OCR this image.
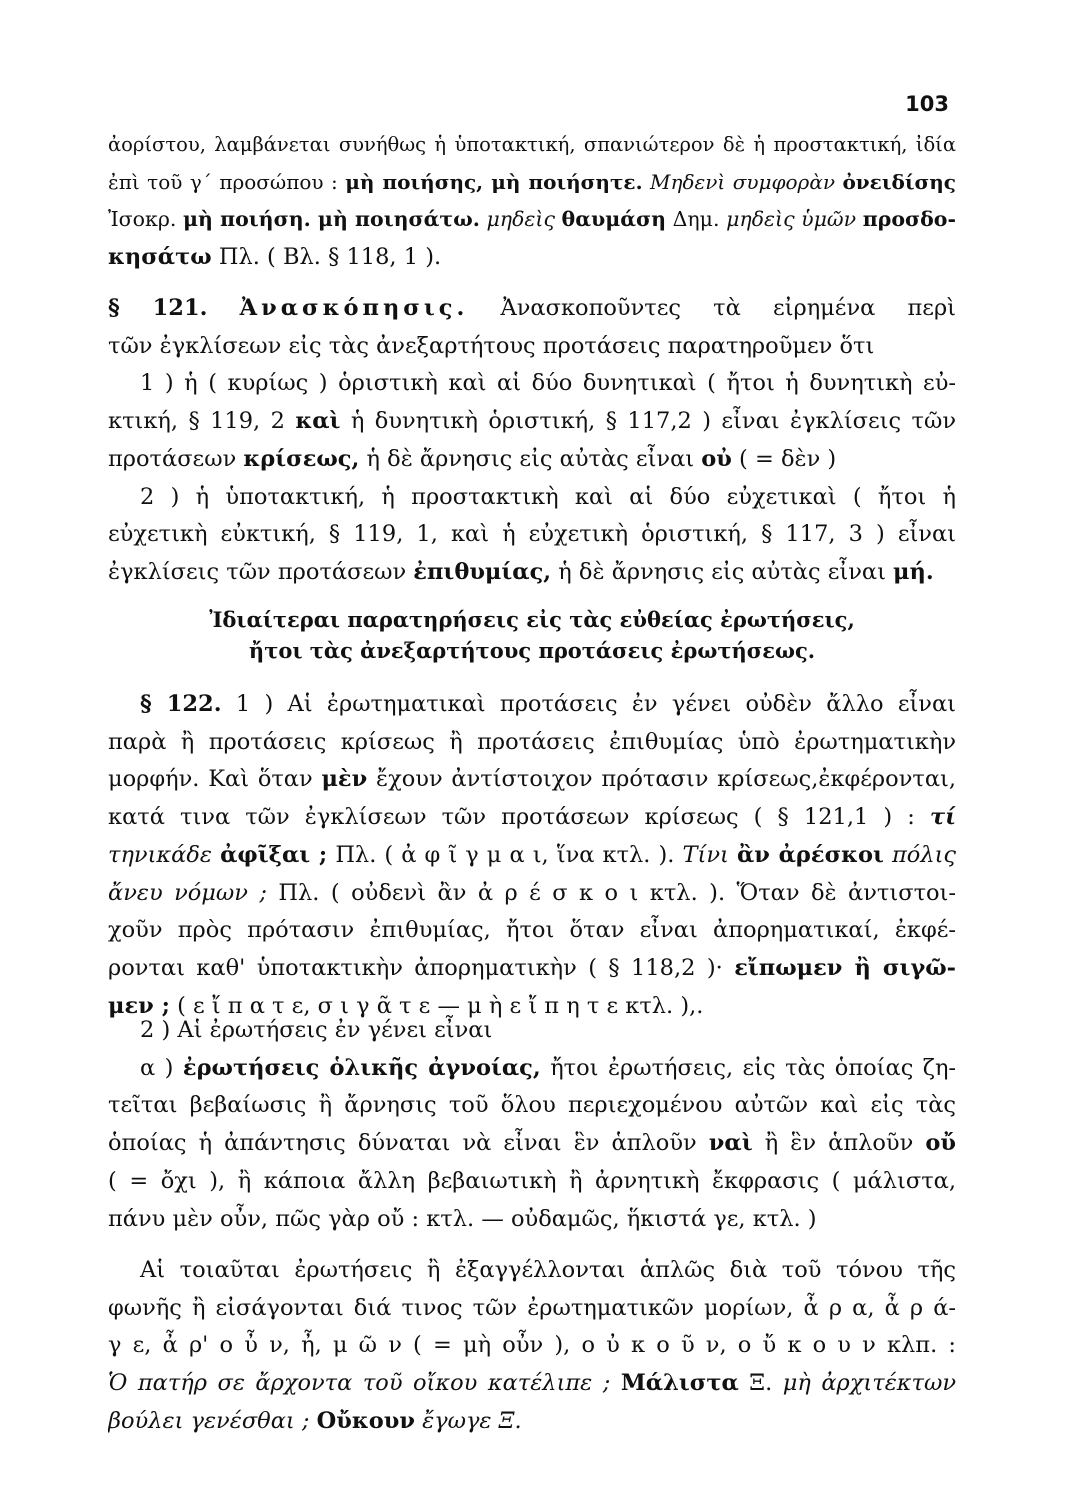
103
ἀορίστου, λαμβάνεται συνήθως ἡ ὑποτακτική, σπανιώτερον δὲ ἡ προστακτική, ἰδία
ἐπὶ τοῦ γ΄ προσώπου : μὴ ποιήσης, μὴ ποιήσητε. Μηδενὶ συμφορὰν ὀνειδίσης
Ἰσοκρ. μὴ ποιήση. μὴ ποιησάτω. μηδεὶς θαυμάση Δημ. μηδεὶς ὑμῶν προσδο-
κησάτω Πλ. ( Βλ. § 118, 1 ).
§ 121. Ἀνασκόπησις. Ἀνασκοποῦντες τὰ εἰρημένα περὶ
τῶν ἐγκλίσεων εἰς τὰς ἀνεξαρτήτους προτάσεις παρατηροῦμεν ὅτι
1 ) ἡ ( κυρίως ) ὁριστικὴ καὶ αἱ δύο δυνητικαὶ ( ἤτοι ἡ δυνητικὴ εὐ-
κτική, § 119, 2 καὶ ἡ δυνητικὴ ὁριστική, § 117,2 ) εἶναι ἐγκλίσεις τῶν
προτάσεων κρίσεως, ἡ δὲ ἄρνησις εἰς αὐτὰς εἶναι οὐ ( = δὲν )
2 ) ἡ ὑποτακτική, ἡ προστακτικὴ καὶ αἱ δύο εὐχετικαὶ ( ἤτοι ἡ
εὐχετικὴ εὐκτική, § 119, 1, καὶ ἡ εὐχετικὴ ὁριστική, § 117, 3 ) εἶναι
ἐγκλίσεις τῶν προτάσεων ἐπιθυμίας, ἡ δὲ ἄρνησις εἰς αὐτὰς εἶναι μή.
Ἰδιαίτεραι παρατηρήσεις εἰς τὰς εὐθείας ἐρωτήσεις,
ἤτοι τὰς ἀνεξαρτήτους προτάσεις ἐρωτήσεως.
§ 122. 1 ) Αἱ ἐρωτηματικαὶ προτάσεις ἐν γένει οὐδὲν ἄλλο εἶναι
παρὰ ἢ προτάσεις κρίσεως ἢ προτάσεις ἐπιθυμίας ὑπὸ ἐρωτηματικὴν
μορφήν. Καὶ ὅταν μὲν ἔχουν ἀντίστοιχον πρότασιν κρίσεως,ἐκφέρονται,
κατά τινα τῶν ἐγκλίσεων τῶν προτάσεων κρίσεως ( § 121,1 ) : τί
τηνικάδε ἀφῖξαι ; Πλ. ( ἀ φ ῖ γ μ α ι, ἵνα κτλ. ). Τίνι ἂν ἀρέσκοι πόλις
ἄνευ νόμων ; Πλ. ( οὐδενὶ ἂν ἀ ρ έ σ κ ο ι κτλ. ). Ὅταν δὲ ἀντιστοι-
χοῦν πρὸς πρότασιν ἐπιθυμίας, ἤτοι ὅταν εἶναι ἀπορηματικαί, ἐκφέ-
ρονται καθ' ὑποτακτικὴν ἀπορηματικὴν ( § 118,2 )· εἴπωμεν ἢ σιγῶ-
μεν ; ( ε ἴ π α τ ε, σ ι γ ᾶ τ ε — μ ὴ ε ἴ π η τ ε κτλ. ),.
2 ) Αἱ ἐρωτήσεις ἐν γένει εἶναι
α ) ἐρωτήσεις ὁλικῆς ἀγνοίας, ἤτοι ἐρωτήσεις, εἰς τὰς ὁποίας ζη-
τεῖται βεβαίωσις ἢ ἄρνησις τοῦ ὅλου περιεχομένου αὐτῶν καὶ εἰς τὰς
ὁποίας ἡ ἀπάντησις δύναται νὰ εἶναι ἓν ἁπλοῦν ναὶ ἢ ἓν ἁπλοῦν οὔ
( = ὄχι ), ἢ κάποια ἄλλη βεβαιωτικὴ ἢ ἀρνητικὴ ἔκφρασις ( μάλιστα,
πάνυ μὲν οὖν, πῶς γὰρ οὔ : κτλ. — οὐδαμῶς, ἥκιστά γε, κτλ. )
Αἱ τοιαῦται ἐρωτήσεις ἢ ἐξαγγέλλονται ἁπλῶς διὰ τοῦ τόνου τῆς
φωνῆς ἢ εἰσάγονται διά τινος τῶν ἐρωτηματικῶν μορίων, ἆ ρ α, ἆ ρ ά-
γ ε, ἆ ρ' ο ὖ ν, ἦ, μ ῶ ν ( = μὴ οὖν ), ο ὐ κ ο ῦ ν, ο ὔ κ ο υ ν κλπ. :
Ὁ πατήρ σε ἄρχοντα τοῦ οἴκου κατέλιπε ; Μάλιστα Ξ. μὴ ἀρχιτέκτων
βούλει γενέσθαι ; Οὔκουν ἔγωγε Ξ.
